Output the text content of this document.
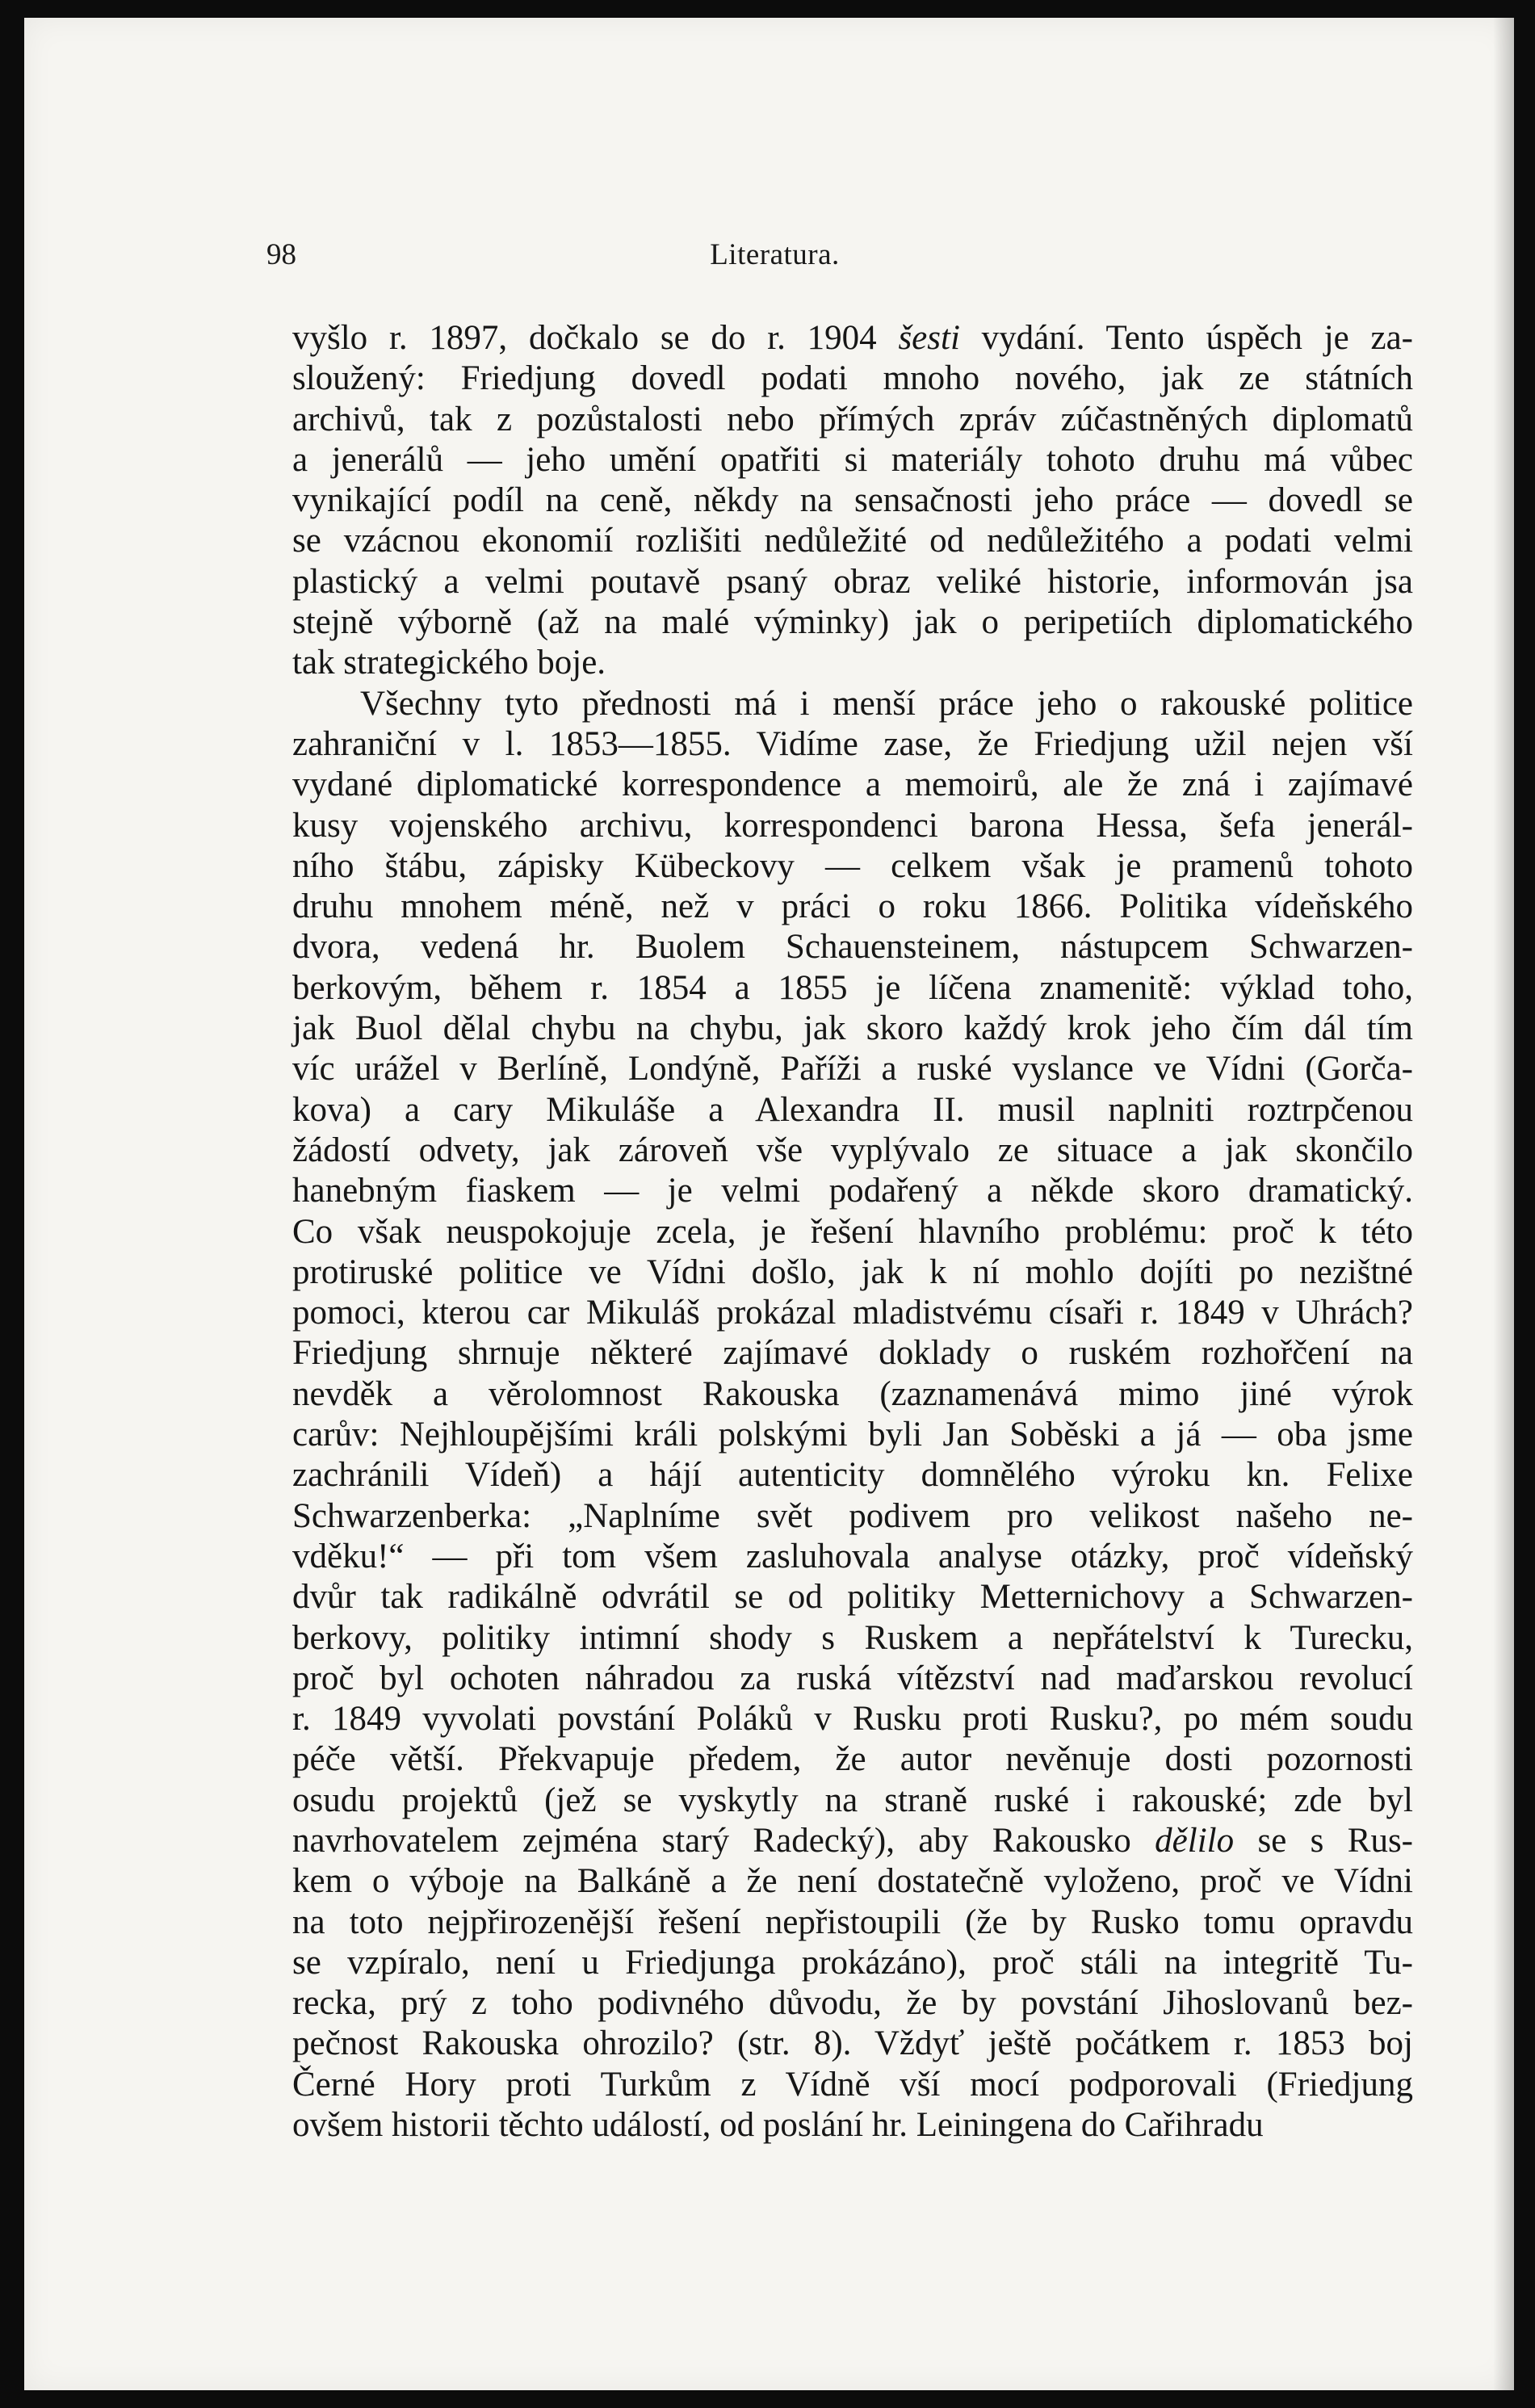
98	Literatura.
vyšlo r. 1897, dočkalo se do r. 1904 šesti vydání. Tento úspěch je za-
sloužený: Friedjung dovedl podati mnoho nového, jak ze státních
archivů, tak z pozůstalosti nebo přímých zpráv zúčastněných diplomatů
a jenerálů — jeho umění opatřiti si materiály tohoto druhu má vůbec
vynikající podíl na ceně, někdy na sensačnosti jeho práce — dovedl se
se vzácnou ekonomií rozlišiti nedůležité od nedůležitého a podati velmi
plastický a velmi poutavě psaný obraz veliké historie, informován jsa
stejně výborně (až na malé výminky) jak o peripetiích diplomatického
tak strategického boje.
Všechny tyto přednosti má i menší práce jeho o rakouské politice
zahraniční v l. 1853—1855. Vidíme zase, že Friedjung užil nejen vší
vydané diplomatické korrespondence a memoirů, ale že zná i zajímavé
kusy vojenského archivu, korrespondenci barona Hessa, šefa jenerál-
ního štábu, zápisky Kübeckovy — celkem však je pramenů tohoto
druhu mnohem méně, než v práci o roku 1866. Politika vídeňského
dvora, vedená hr. Buolem Schauensteinem, nástupcem Schwarzen-
berkovým, během r. 1854 a 1855 je líčena znamenitě: výklad toho,
jak Buol dělal chybu na chybu, jak skoro každý krok jeho čím dál tím
víc urážel v Berlíně, Londýně, Paříži a ruské vyslance ve Vídni (Gorča-
kova) a cary Mikuláše a Alexandra II. musil naplniti roztrpčenou
žádostí odvety, jak zároveň vše vyplývalo ze situace a jak skončilo
hanebným fiaskem — je velmi podařený a někde skoro dramatický.
Co však neuspokojuje zcela, je řešení hlavního problému: proč k této
protiruské politice ve Vídni došlo, jak k ní mohlo dojíti po nezištné
pomoci, kterou car Mikuláš prokázal mladistvému císaři r. 1849 v Uhrách?
Friedjung shrnuje některé zajímavé doklady o ruském rozhořčení na
nevděk a věrolomnost Rakouska (zaznamenává mimo jiné výrok
carův: Nejhloupějšími králi polskými byli Jan Soběski a já — oba jsme
zachránili Vídeň) a hájí autenticity domnělého výroku kn. Felixe
Schwarzenberka: „Naplníme svět podivem pro velikost našeho ne-
vděku!“ — při tom všem zasluhovala analyse otázky, proč vídeňský
dvůr tak radikálně odvrátil se od politiky Metternichovy a Schwarzen-
berkovy, politiky intimní shody s Ruskem a nepřátelství k Turecku,
proč byl ochoten náhradou za ruská vítězství nad maďarskou revolucí
r. 1849 vyvolati povstání Poláků v Rusku proti Rusku?, po mém soudu
péče větší. Překvapuje předem, že autor nevěnuje dosti pozornosti
osudu projektů (jež se vyskytly na straně ruské i rakouské; zde byl
navrhovatelem zejména starý Radecký), aby Rakousko dělilo se s Rus-
kem o výboje na Balkáně a že není dostatečně vyloženo, proč ve Vídni
na toto nejpřirozenější řešení nepřistoupili (že by Rusko tomu opravdu
se vzpíralo, není u Friedjunga prokázáno), proč stáli na integritě Tu-
recka, prý z toho podivného důvodu, že by povstání Jihoslovanů bez-
pečnost Rakouska ohrozilo? (str. 8). Vždyť ještě počátkem r. 1853 boj
Černé Hory proti Turkům z Vídně vší mocí podporovali (Friedjung
ovšem historii těchto událostí, od poslání hr. Leiningena do Cařihradu
